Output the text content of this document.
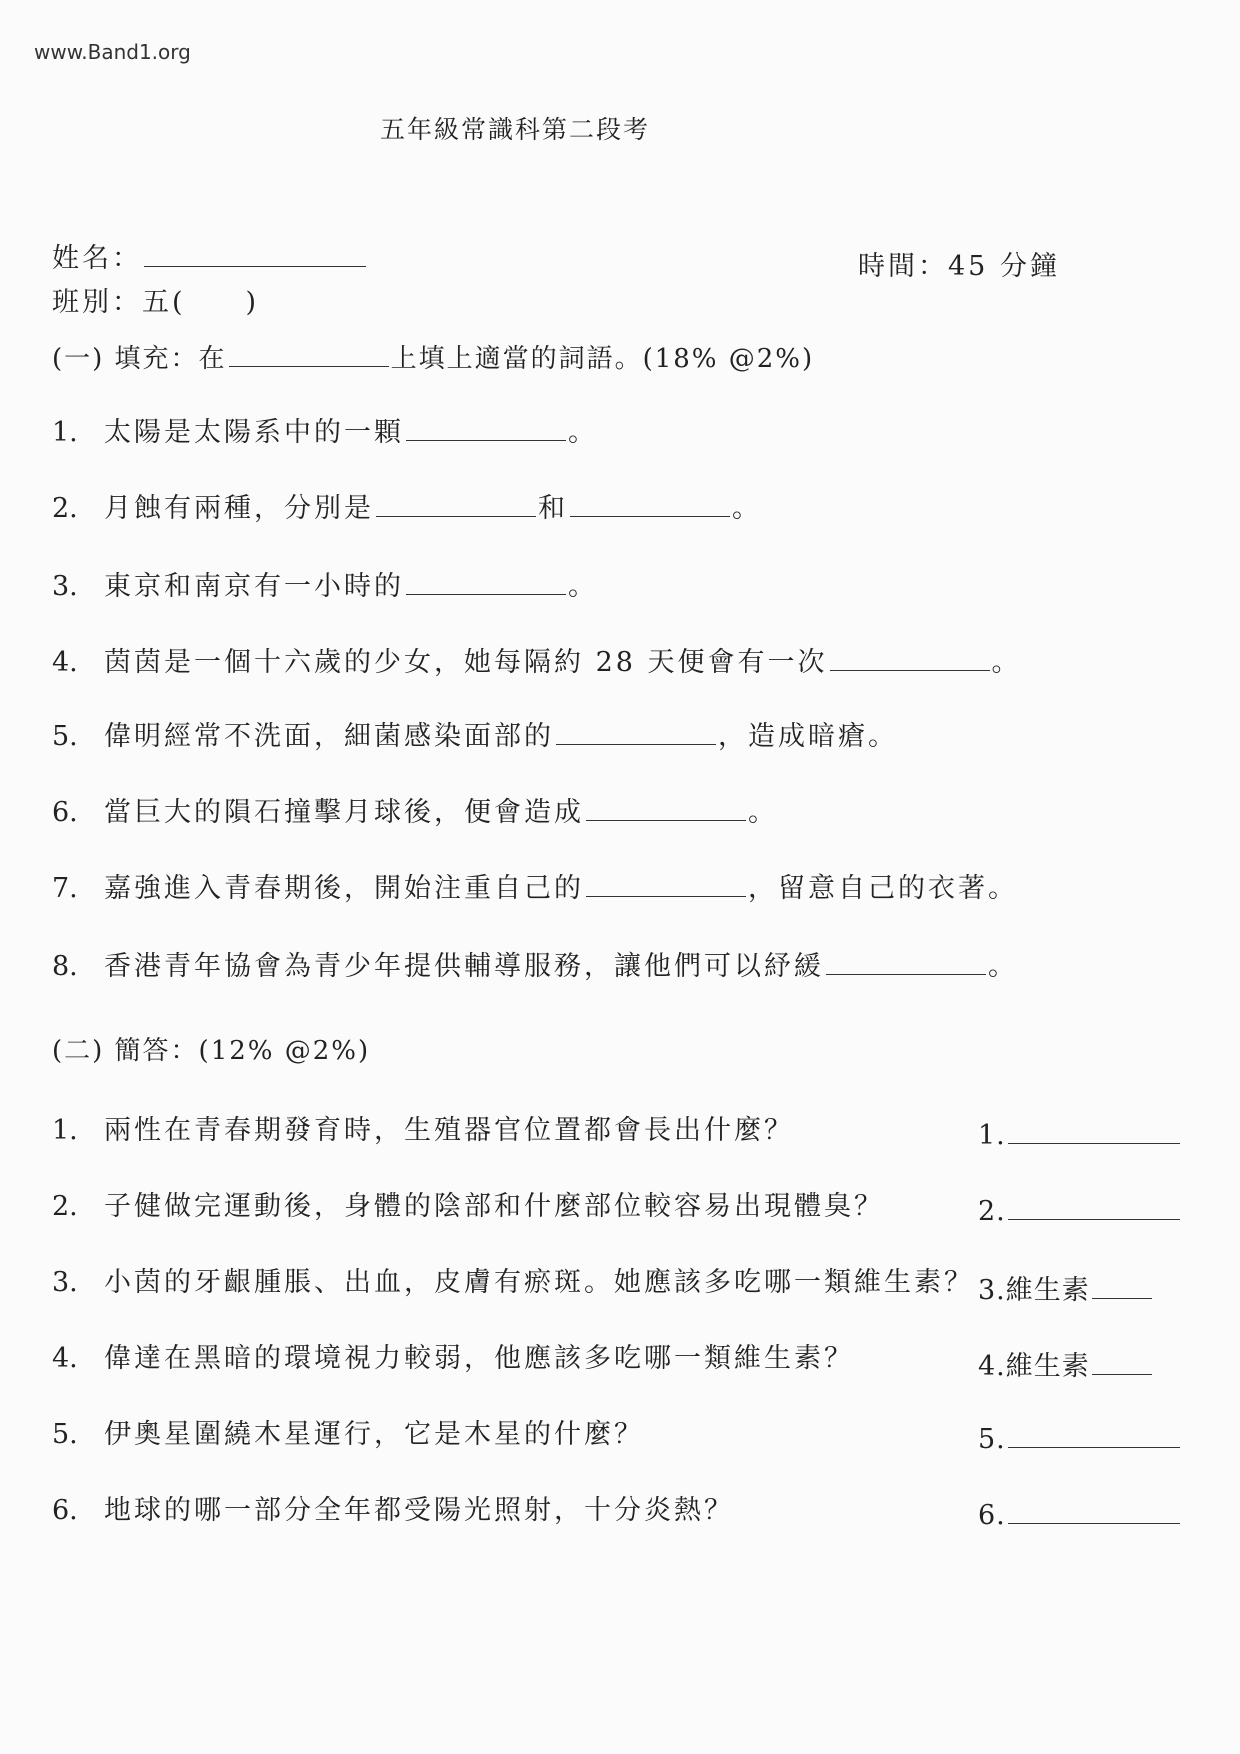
www.Band1.org
五年級常識科第二段考
姓名：	時間：45 分鐘
班別：五(　　)
(一) 填充：在	上填上適當的詞語。(18% @2%)
1. 太陽是太陽系中的一顆	。
2. 月蝕有兩種，分別是	和	。
3. 東京和南京有一小時的	。
4. 茵茵是一個十六歲的少女，她每隔約 28 天便會有一次	。
5. 偉明經常不洗面，細菌感染面部的	，造成暗瘡。
6. 當巨大的隕石撞擊月球後，便會造成	。
7. 嘉強進入青春期後，開始注重自己的	，留意自己的衣著。
8. 香港青年協會為青少年提供輔導服務，讓他們可以紓緩	。
(二) 簡答：(12% @2%)
1. 兩性在青春期發育時，生殖器官位置都會長出什麼？	1.
2. 子健做完運動後，身體的陰部和什麼部位較容易出現體臭？	2.
3. 小茵的牙齦腫脹、出血，皮膚有瘀斑。她應該多吃哪一類維生素？ 3.維生素
4. 偉達在黑暗的環境視力較弱，他應該多吃哪一類維生素？	4.維生素
5. 伊奧星圍繞木星運行，它是木星的什麼？	5.
6. 地球的哪一部分全年都受陽光照射，十分炎熱？	6.
